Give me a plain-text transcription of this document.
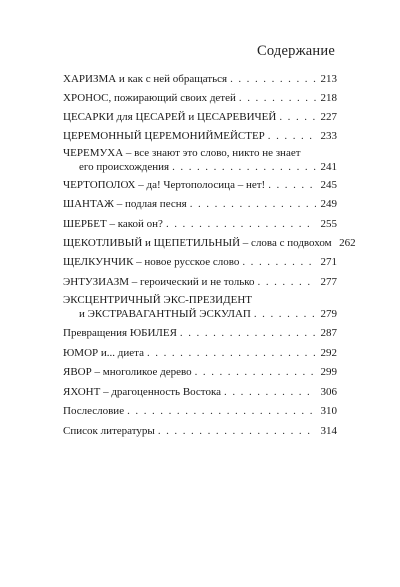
Содержание
ХАРИЗМА и как с ней обращаться . . .	213
ХРОНОС, пожирающий своих детей . . .	218
ЦЕСАРКИ для ЦЕСАРЕЙ и ЦЕСАРЕВИЧЕЙ . . .	227
ЦЕРЕМОННЫЙ ЦЕРЕМОНИЙМЕЙСТЕР . . .	233
ЧЕРЕМУХА – все знают это слово, никто не знает
его происхождения . . .	241
ЧЕРТОПОЛОХ – да! Чертополосица – нет! . . .	245
ШАНТАЖ – подлая песня . . .	249
ШЕРБЕТ – какой он? . . .	255
ЩЕКОТЛИВЫЙ и ЩЕПЕТИЛЬНЫЙ – слова с подвохом 262
ЩЕЛКУНЧИК – новое русское слово . . .	271
ЭНТУЗИАЗМ – героический и не только . . .	277
ЭКСЦЕНТРИЧНЫЙ ЭКС-ПРЕЗИДЕНТ
и ЭКСТРАВАГАНТНЫЙ ЭСКУЛАП . . .	279
Превращения ЮБИЛЕЯ . . .	287
ЮМОР и... диета . . .	292
ЯВОР – многоликое дерево . . .	299
ЯХОНТ – драгоценность Востока . . .	306
Послесловие . . .	310
Список литературы . . .	314
